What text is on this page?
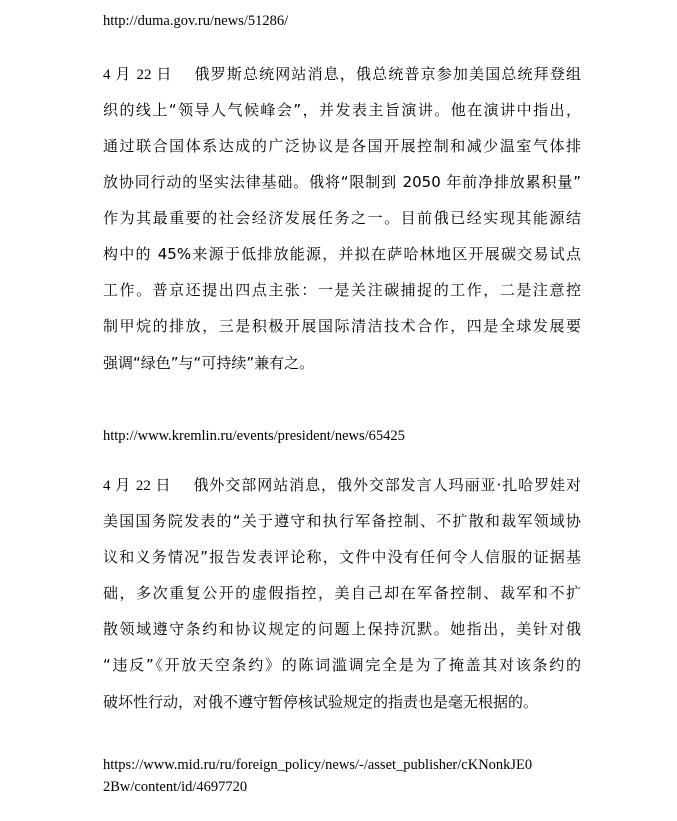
http://duma.gov.ru/news/51286/
4 月 22 日 俄罗斯总统网站消息，俄总统普京参加美国总统拜登组
织的线上“领导人气候峰会”，并发表主旨演讲。他在演讲中指出，
通过联合国体系达成的广泛协议是各国开展控制和减少温室气体排
放协同行动的坚实法律基础。俄将“限制到 2050 年前净排放累积量”
作为其最重要的社会经济发展任务之一。目前俄已经实现其能源结
构中的 45%来源于低排放能源，并拟在萨哈林地区开展碳交易试点
工作。普京还提出四点主张：一是关注碳捕捉的工作，二是注意控
制甲烷的排放，三是积极开展国际清洁技术合作，四是全球发展要
强调“绿色”与“可持续”兼有之。
http://www.kremlin.ru/events/president/news/65425
4 月 22 日 俄外交部网站消息，俄外交部发言人玛丽亚·扎哈罗娃对
美国国务院发表的“关于遵守和执行军备控制、不扩散和裁军领域协
议和义务情况”报告发表评论称，文件中没有任何令人信服的证据基
础，多次重复公开的虚假指控，美自己却在军备控制、裁军和不扩
散领域遵守条约和协议规定的问题上保持沉默。她指出，美针对俄
“违反”《开放天空条约》的陈词滥调完全是为了掩盖其对该条约的
破坏性行动，对俄不遵守暂停核试验规定的指责也是毫无根据的。
https://www.mid.ru/ru/foreign_policy/news/-/asset_publisher/cKNonkJE0
2Bw/content/id/4697720
